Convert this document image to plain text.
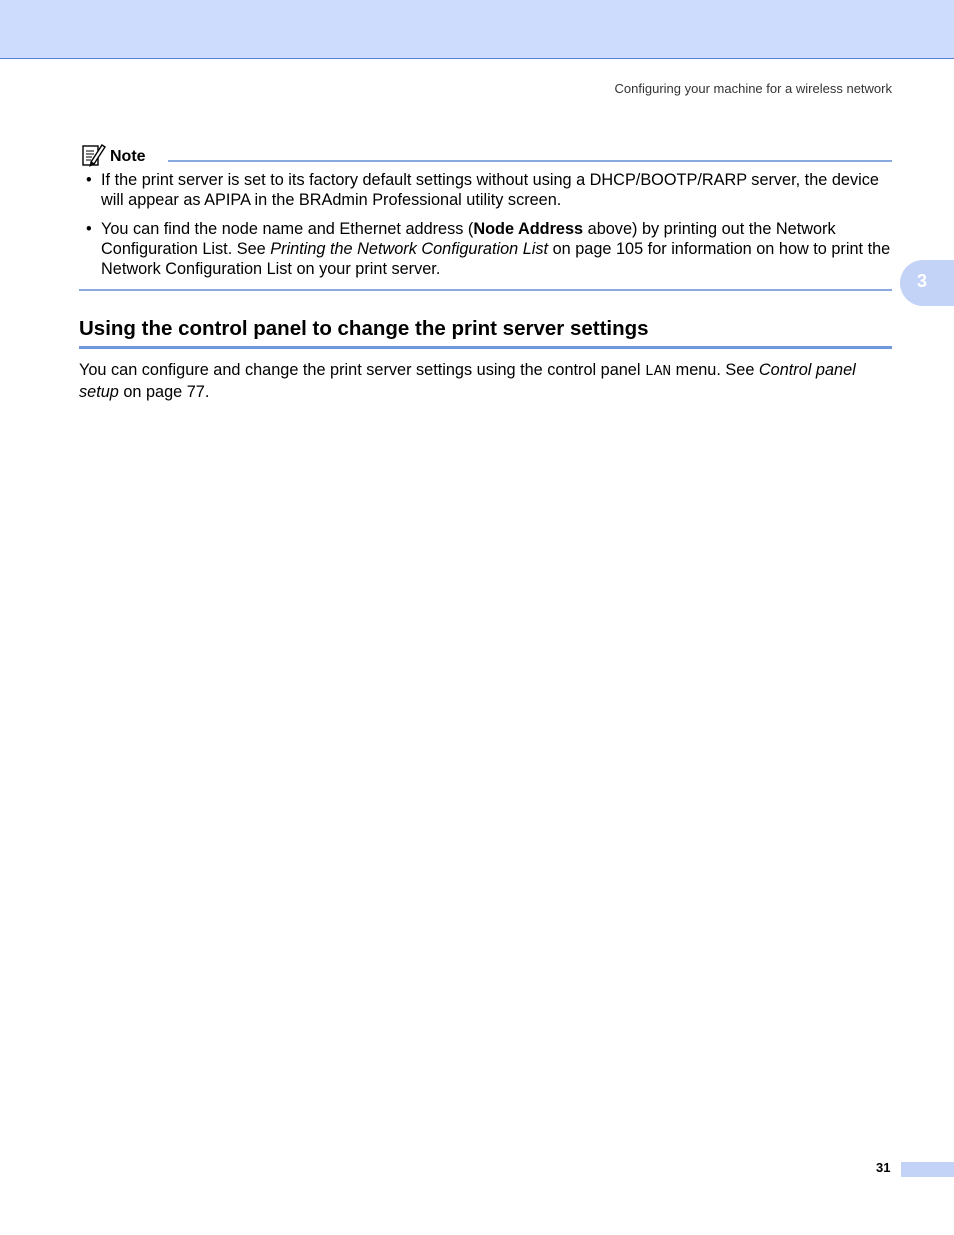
Configuring your machine for a wireless network
3
Note
• If the print server is set to its factory default settings without using a DHCP/BOOTP/RARP server, the device will appear as APIPA in the BRAdmin Professional utility screen.
• You can find the node name and Ethernet address (Node Address above) by printing out the Network Configuration List. See Printing the Network Configuration List on page 105 for information on how to print the Network Configuration List on your print server.
Using the control panel to change the print server settings

You can configure and change the print server settings using the control panel LAN menu. See Control panel setup on page 77.

31
